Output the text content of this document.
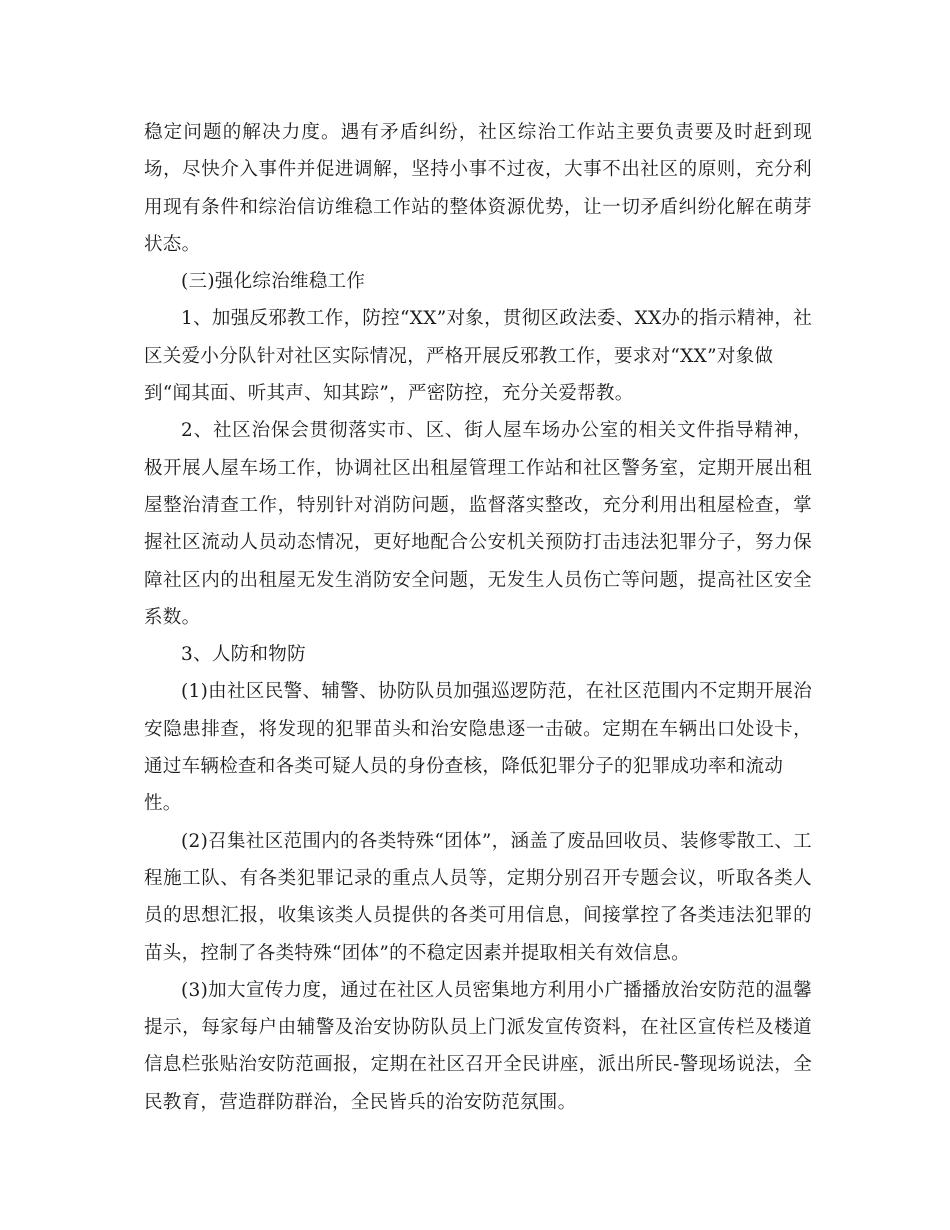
稳定问题的解决力度。遇有矛盾纠纷，社区综治工作站主要负责要及时赶到现
场，尽快介入事件并促进调解，坚持小事不过夜，大事不出社区的原则，充分利
用现有条件和综治信访维稳工作站的整体资源优势，让一切矛盾纠纷化解在萌芽
状态。
(三)强化综治维稳工作
1、加强反邪教工作，防控“XX”对象，贯彻区政法委、XX办的指示精神，社
区关爱小分队针对社区实际情况，严格开展反邪教工作，要求对“XX”对象做
到“闻其面、听其声、知其踪”，严密防控，充分关爱帮教。
2、社区治保会贯彻落实市、区、街人屋车场办公室的相关文件指导精神，
极开展人屋车场工作，协调社区出租屋管理工作站和社区警务室，定期开展出租
屋整治清查工作，特别针对消防问题，监督落实整改，充分利用出租屋检查，掌
握社区流动人员动态情况，更好地配合公安机关预防打击违法犯罪分子，努力保
障社区内的出租屋无发生消防安全问题，无发生人员伤亡等问题，提高社区安全
系数。
3、人防和物防
(1)由社区民警、辅警、协防队员加强巡逻防范，在社区范围内不定期开展治
安隐患排查，将发现的犯罪苗头和治安隐患逐一击破。定期在车辆出口处设卡，
通过车辆检查和各类可疑人员的身份查核，降低犯罪分子的犯罪成功率和流动
性。
(2)召集社区范围内的各类特殊“团体”，涵盖了废品回收员、装修零散工、工
程施工队、有各类犯罪记录的重点人员等，定期分别召开专题会议，听取各类人
员的思想汇报，收集该类人员提供的各类可用信息，间接掌控了各类违法犯罪的
苗头，控制了各类特殊“团体”的不稳定因素并提取相关有效信息。
(3)加大宣传力度，通过在社区人员密集地方利用小广播播放治安防范的温馨
提示，每家每户由辅警及治安协防队员上门派发宣传资料，在社区宣传栏及楼道
信息栏张贴治安防范画报，定期在社区召开全民讲座，派出所民-警现场说法，全
民教育，营造群防群治，全民皆兵的治安防范氛围。
